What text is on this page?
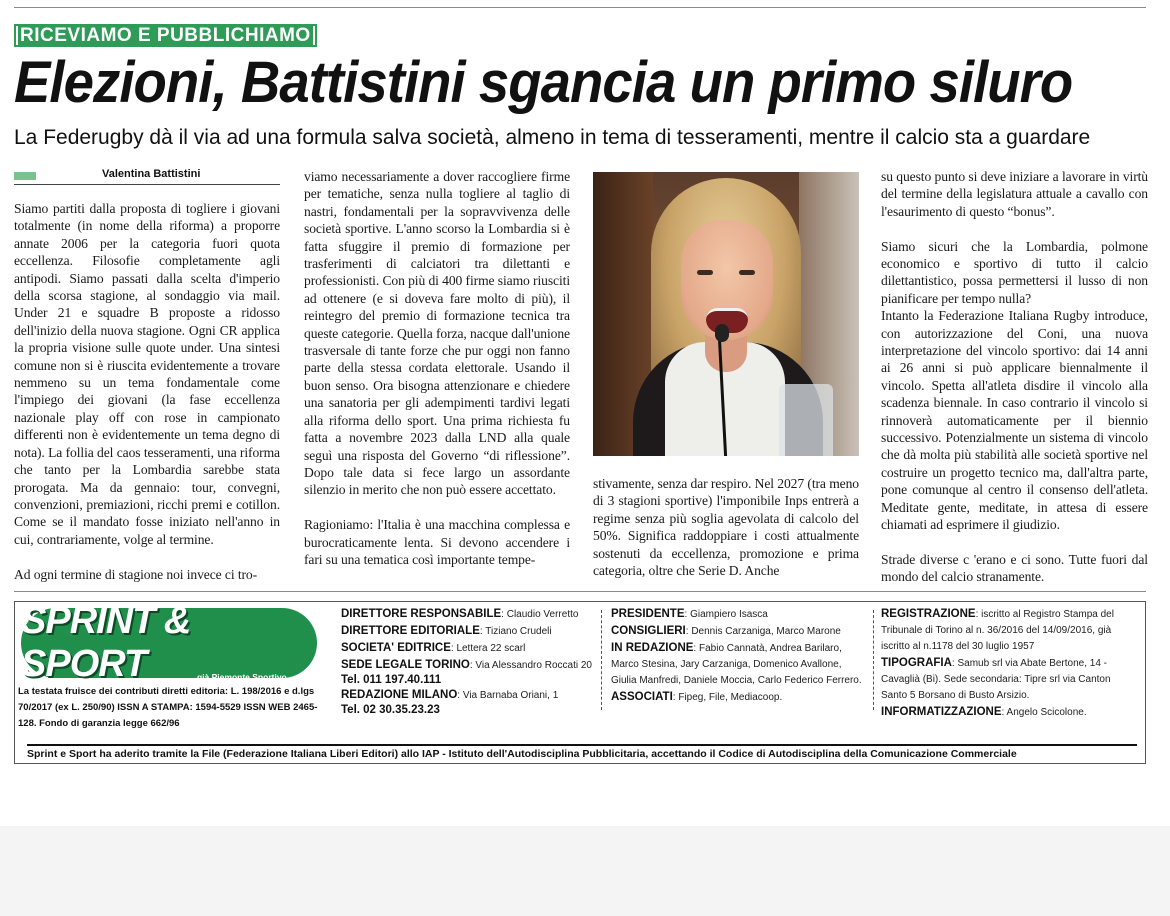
RICEVIAMO E PUBBLICHIAMO
Elezioni, Battistini sgancia un primo siluro
La Federugby dà il via ad una formula salva società, almeno in tema di tesseramenti, mentre il calcio sta a guardare
Valentina Battistini

Siamo partiti dalla proposta di togliere i giovani totalmente (in nome della riforma) a proporre annate 2006 per la categoria fuori quota eccellenza. Filosofie completamente agli antipodi. Siamo passati dalla scelta d'imperio della scorsa stagione, al sondaggio via mail. Under 21 e squadre B proposte a ridosso dell'inizio della nuova stagione. Ogni CR applica la propria visione sulle quote under. Una sintesi comune non si è riuscita evidentemente a trovare nemmeno su un tema fondamentale come l'impiego dei giovani (la fase eccellenza nazionale play off con rose in campionato differenti non è evidentemente un tema degno di nota). La follia del caos tesseramenti, una riforma che tanto per la Lombardia sarebbe stata prorogata. Ma da gennaio: tour, convegni, convenzioni, premiazioni, ricchi premi e cotillon. Come se il mandato fosse iniziato nell'anno in cui, contrariamente, volge al termine.

Ad ogni termine di stagione noi invece ci tro-

viamo necessariamente a dover raccogliere firme per tematiche, senza nulla togliere al taglio di nastri, fondamentali per la sopravvivenza delle società sportive. L'anno scorso la Lombardia si è fatta sfuggire il premio di formazione per trasferimenti di calciatori tra dilettanti e professionisti. Con più di 400 firme siamo riusciti ad ottenere (e si doveva fare molto di più), il reintegro del premio di formazione tecnica tra queste categorie. Quella forza, nacque dall'unione trasversale di tante forze che pur oggi non fanno parte della stessa cordata elettorale. Usando il buon senso. Ora bisogna attenzionare e chiedere una sanatoria per gli adempimenti tardivi legati alla riforma dello sport. Una prima richiesta fu fatta a novembre 2023 dalla LND alla quale seguì una risposta del Governo “di riflessione”. Dopo tale data si fece largo un assordante silenzio in merito che non può essere accettato.

Ragioniamo: l'Italia è una macchina complessa e burocraticamente lenta. Si devono accendere i fari su una tematica così importante tempe-

stivamente, senza dar respiro. Nel 2027 (tra meno di 3 stagioni sportive) l'imponibile Inps entrerà a regime senza più soglia agevolata di calcolo del 50%. Significa raddoppiare i costi attualmente sostenuti da eccellenza, promozione e prima categoria, oltre che Serie D. Anche

su questo punto si deve iniziare a lavorare in virtù del termine della legislatura attuale a cavallo con l'esaurimento di questo “bonus”.

Siamo sicuri che la Lombardia, polmone economico e sportivo di tutto il calcio dilettantistico, possa permettersi il lusso di non pianificare per tempo nulla?

Intanto la Federazione Italiana Rugby introduce, con autorizzazione del Coni, una nuova interpretazione del vincolo sportivo: dai 14 anni ai 26 anni si può applicare biennalmente il vincolo. Spetta all'atleta disdire il vincolo alla scadenza biennale. In caso contrario il vincolo si rinnoverà automaticamente per il biennio successivo. Potenzialmente un sistema di vincolo che dà molta più stabilità alle società sportive nel costruire un progetto tecnico ma, dall'altra parte, pone comunque al centro il consenso dell'atleta. Meditate gente, meditate, in attesa di essere chiamati ad esprimere il giudizio.

Strade diverse c 'erano e ci sono. Tutte fuori dal mondo del calcio stranamente.

SPRINT & SPORT	già Piemonte Sportivo
La testata fruisce dei contributi diretti editoria: L. 198/2016 e d.lgs 70/2017 (ex L. 250/90) ISSN A STAMPA: 1594-5529 ISSN WEB 2465-128. Fondo di garanzia legge 662/96
DIRETTORE RESPONSABILE: Claudio Verretto
DIRETTORE EDITORIALE: Tiziano Crudeli
SOCIETA' EDITRICE: Lettera 22 scarl
SEDE LEGALE TORINO: Via Alessandro Roccati 20
Tel. 011 197.40.111
REDAZIONE MILANO: Via Barnaba Oriani, 1
Tel. 02 30.35.23.23
PRESIDENTE: Giampiero Isasca
CONSIGLIERI: Dennis Carzaniga, Marco Marone
IN REDAZIONE: Fabio Cannatà, Andrea Barilaro, Marco Stesina, Jary Carzaniga, Domenico Avallone, Giulia Manfredi, Daniele Moccia, Carlo Federico Ferrero.
ASSOCIATI: Fipeg, File, Mediacoop.
REGISTRAZIONE: iscritto al Registro Stampa del Tribunale di Torino al n. 36/2016 del 14/09/2016, già iscritto al n.1178 del 30 luglio 1957
TIPOGRAFIA: Samub srl via Abate Bertone, 14 - Cavaglià (Bi). Sede secondaria: Tipre srl via Canton Santo 5 Borsano di Busto Arsizio.
INFORMATIZZAZIONE: Angelo Scicolone.
Sprint e Sport ha aderito tramite la File (Federazione Italiana Liberi Editori) allo IAP - Istituto dell'Autodisciplina Pubblicitaria, accettando il Codice di Autodisciplina della Comunicazione Commerciale
